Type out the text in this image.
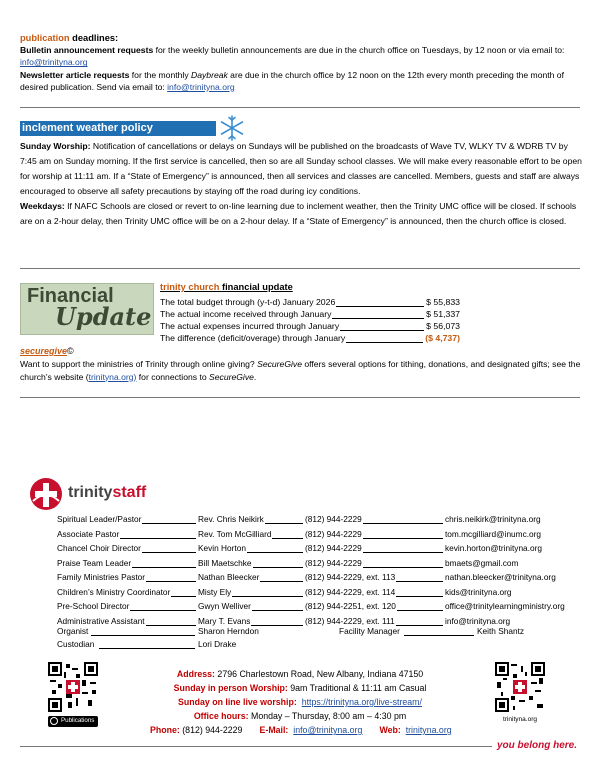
publication deadlines:
Bulletin announcement requests for the weekly bulletin announcements are due in the church office on Tuesdays, by 12 noon or via email to: info@trinityna.org
Newsletter article requests for the monthly Daybreak are due in the church office by 12 noon on the 12th every month preceding the month of desired publication. Send via email to: info@trinityna.org
inclement weather policy
Sunday Worship: Notification of cancellations or delays on Sundays will be published on the broadcasts of Wave TV, WLKY TV & WDRB TV by 7:45 am on Sunday morning. If the first service is cancelled, then so are all Sunday school classes. We will make every reasonable effort to be open for worship at 11:11 am. If a “State of Emergency” is announced, then all services and classes are cancelled. Members, guests and staff are always encouraged to observe all safety precautions by staying off the road during icy conditions.
Weekdays: If NAFC Schools are closed or revert to on-line learning due to inclement weather, then the Trinity UMC office will be closed. If schools are on a 2-hour delay, then Trinity UMC office will be on a 2-hour delay. If a “State of Emergency” is announced, then the church office is closed.
Financial
Update
trinity church financial update
The total budget through (y-t-d) January 2026	$ 55,833
The actual income received through January	$ 51,337
The actual expenses incurred through January	$ 56,073
The difference (deficit/overage) through January	($ 4,737)
securegive©
Want to support the ministries of Trinity through online giving? SecureGive offers several options for tithing, donations, and designated gifts; see the church’s website (trinityna.org) for connections to SecureGive.
trinitystaff
Spiritual Leader/Pastor	Rev. Chris Neikirk	(812) 944-2229	chris.neikirk@trinityna.org
Associate Pastor	Rev. Tom McGilliard	(812) 944-2229	tom.mcgilliard@inumc.org
Chancel Choir Director	Kevin Horton	(812) 944-2229	kevin.horton@trinityna.org
Praise Team Leader	Bill Maetschke	(812) 944-2229	bmaets@gmail.com
Family Ministries Pastor	Nathan Bleecker	(812) 944-2229, ext. 113	nathan.bleecker@trinityna.org
Children’s Ministry Coordinator	Misty Ely	(812) 944-2229, ext. 114	kids@trinityna.org
Pre-School Director	Gwyn Welliver	(812) 944-2251, ext. 120	office@trinitylearningministry.org
Administrative Assistant	Mary T. Evans	(812) 944-2229, ext. 111	info@trinityna.org
Organist	Sharon Herndon	Facility Manager	Keith Shantz
Custodian	Lori Drake
Publications	trinityna.org
Address: 2796 Charlestown Road, New Albany, Indiana 47150
Sunday in person Worship: 9am Traditional & 11:11 am Casual
Sunday on line live worship: https://trinityna.org/live-stream/
Office hours: Monday – Thursday, 8:00 am – 4:30 pm
Phone: (812) 944-2229 E-Mail: info@trinityna.org Web: trinityna.org
you belong here.
